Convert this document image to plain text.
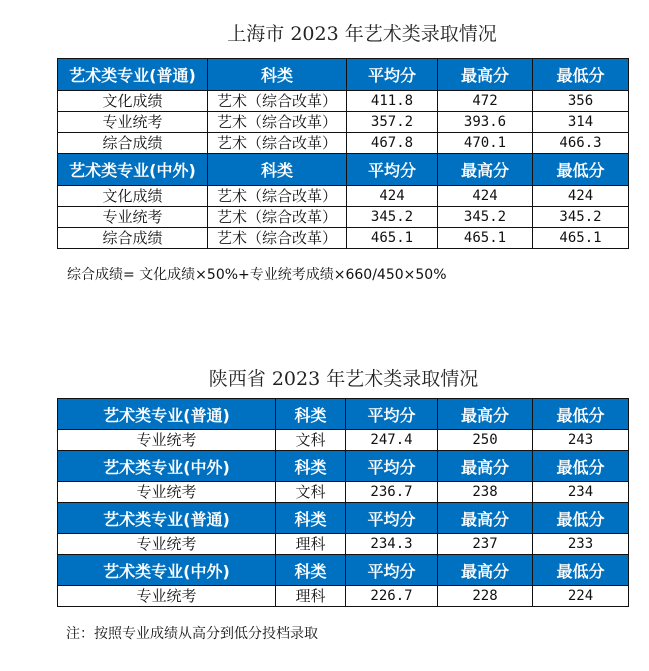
上海市 2023 年艺术类录取情况
艺术类专业(普通)	科类	平均分	最高分	最低分
文化成绩	艺术（综合改革）	411.8	472	356
专业统考	艺术（综合改革）	357.2	393.6	314
综合成绩	艺术（综合改革）	467.8	470.1	466.3
艺术类专业(中外)	科类	平均分	最高分	最低分
文化成绩	艺术（综合改革）	424	424	424
专业统考	艺术（综合改革）	345.2	345.2	345.2
综合成绩	艺术（综合改革）	465.1	465.1	465.1
综合成绩= 文化成绩×50%+专业统考成绩×660/450×50%
陕西省 2023 年艺术类录取情况
艺术类专业(普通)	科类	平均分	最高分	最低分
专业统考	文科	247.4	250	243
艺术类专业(中外)	科类	平均分	最高分	最低分
专业统考	文科	236.7	238	234
艺术类专业(普通)	科类	平均分	最高分	最低分
专业统考	理科	234.3	237	233
艺术类专业(中外)	科类	平均分	最高分	最低分
专业统考	理科	226.7	228	224
注：按照专业成绩从高分到低分投档录取
